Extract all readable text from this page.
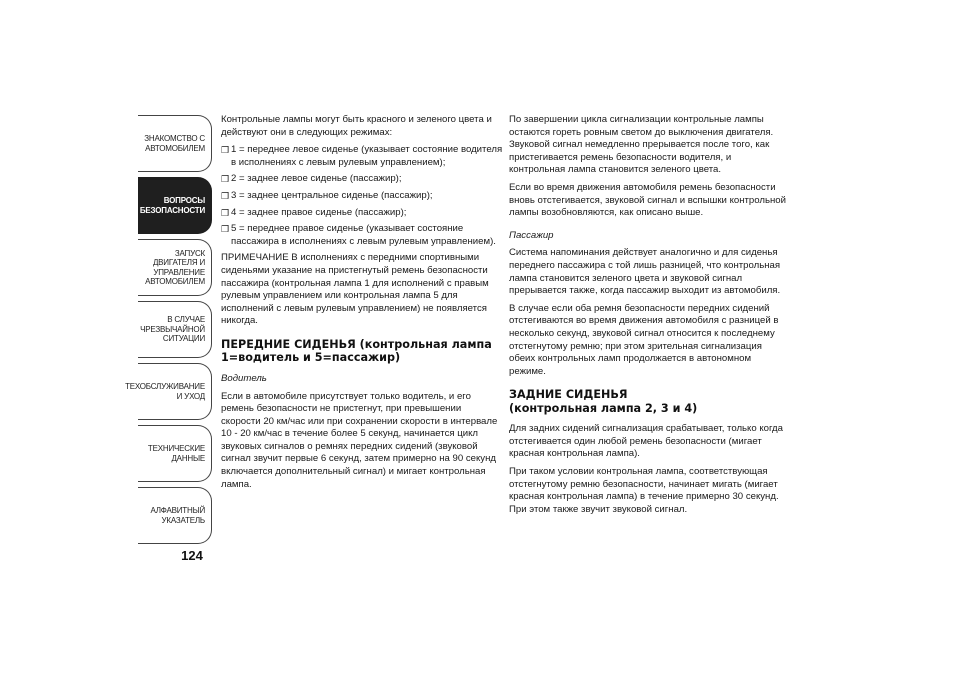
ЗНАКОМСТВО С
АВТОМОБИЛЕМ
ВОПРОСЫ
БЕЗОПАСНОСТИ
ЗАПУСК ДВИГАТЕЛЯ И
УПРАВЛЕНИЕ
АВТОМОБИЛЕМ
В СЛУЧАЕ
ЧРЕЗВЫЧАЙНОЙ
СИТУАЦИИ
ТЕХОБСЛУЖИВАНИЕ
И УХОД
ТЕХНИЧЕСКИЕ
ДАННЫЕ
АЛФАВИТНЫЙ
УКАЗАТЕЛЬ
124

Контрольные лампы могут быть красного и зеленого цвета и действуют они в следующих режимах:

❒ 1 = переднее левое сиденье (указывает состояние водителя в исполнениях с левым рулевым управлением);
❒ 2 = заднее левое сиденье (пассажир);
❒ 3 = заднее центральное сиденье (пассажир);
❒ 4 = заднее правое сиденье (пассажир);
❒ 5 = переднее правое сиденье (указывает состояние пассажира в исполнениях с левым рулевым управлением).

ПРИМЕЧАНИЕ В исполнениях с передними спортивными сиденьями указание на пристегнутый ремень безопасности пассажира (контрольная лампа 1 для исполнений с правым рулевым управлением или контрольная лампа 5 для исполнений с левым рулевым управлением) не появляется никогда.

ПЕРЕДНИЕ СИДЕНЬЯ (контрольная лампа 1=водитель и 5=пассажир)

Водитель

Если в автомобиле присутствует только водитель, и его ремень безопасности не пристегнут, при превышении скорости 20 км/час или при сохранении скорости в интервале 10 - 20 км/час в течение более 5 секунд, начинается цикл звуковых сигналов о ремнях передних сидений (звуковой сигнал звучит первые 6 секунд, затем примерно на 90 секунд включается дополнительный сигнал) и мигает контрольная лампа.

По завершении цикла сигнализации контрольные лампы остаются гореть ровным светом до выключения двигателя. Звуковой сигнал немедленно прерывается после того, как пристегивается ремень безопасности водителя, и контрольная лампа становится зеленого цвета.

Если во время движения автомобиля ремень безопасности вновь отстегивается, звуковой сигнал и вспышки контрольной лампы возобновляются, как описано выше.

Пассажир

Система напоминания действует аналогично и для сиденья переднего пассажира с той лишь разницей, что контрольная лампа становится зеленого цвета и звуковой сигнал прерывается также, когда пассажир выходит из автомобиля.

В случае если оба ремня безопасности передних сидений отстегиваются во время движения автомобиля с разницей в несколько секунд, звуковой сигнал относится к последнему отстегнутому ремню; при этом зрительная сигнализация обеих контрольных ламп продолжается в автономном режиме.

ЗАДНИЕ СИДЕНЬЯ
(контрольная лампа 2, 3 и 4)

Для задних сидений сигнализация срабатывает, только когда отстегивается один любой ремень безопасности (мигает красная контрольная лампа).

При таком условии контрольная лампа, соответствующая отстегнутому ремню безопасности, начинает мигать (мигает красная контрольная лампа) в течение примерно 30 секунд. При этом также звучит звуковой сигнал.
